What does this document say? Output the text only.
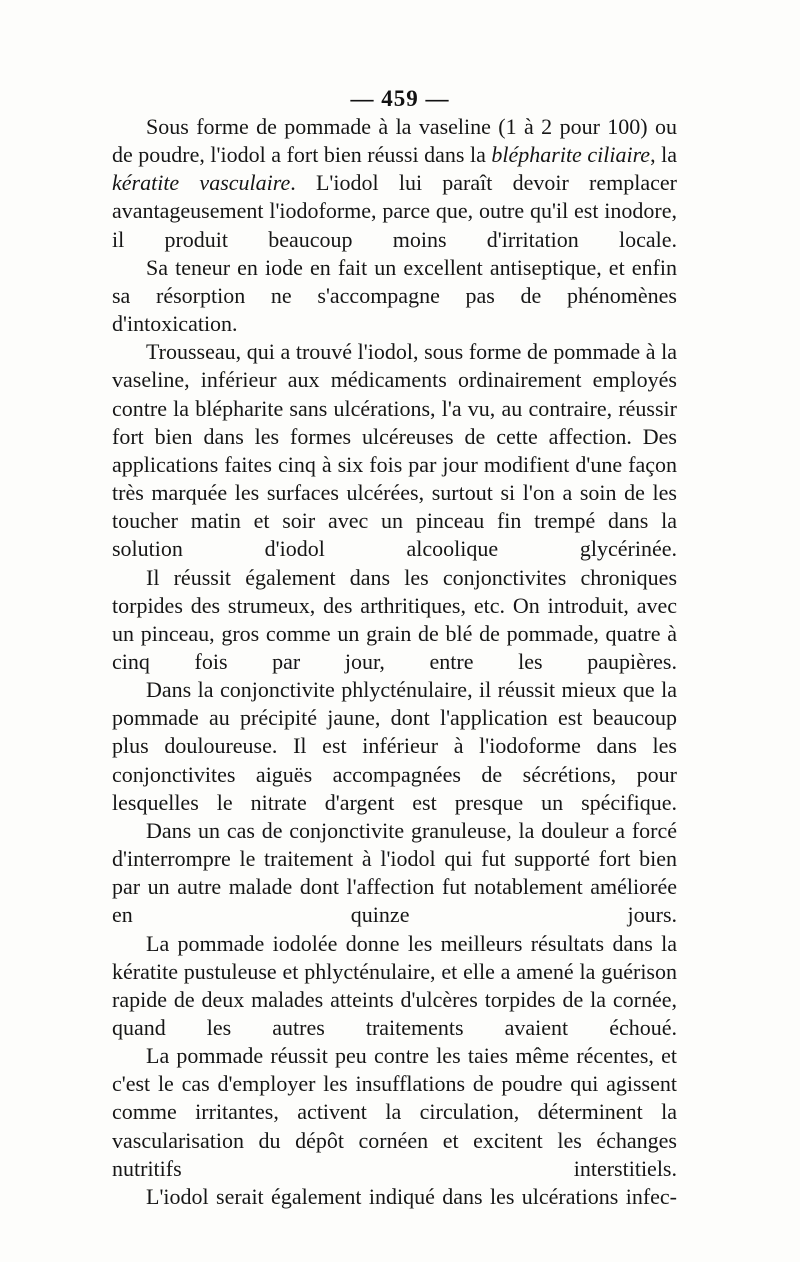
— 459 —

Sous forme de pommade à la vaseline (1 à 2 pour 100) ou de poudre, l'iodol a fort bien réussi dans la blépharite ciliaire, la kératite vasculaire. L'iodol lui paraît devoir remplacer avantageusement l'iodoforme, parce que, outre qu'il est inodore, il produit beaucoup moins d'irritation locale.

Sa teneur en iode en fait un excellent antiseptique, et enfin sa résorption ne s'accompagne pas de phénomènes d'intoxication.

Trousseau, qui a trouvé l'iodol, sous forme de pommade à la vaseline, inférieur aux médicaments ordinairement employés contre la blépharite sans ulcérations, l'a vu, au contraire, réussir fort bien dans les formes ulcéreuses de cette affection. Des applications faites cinq à six fois par jour modifient d'une façon très marquée les surfaces ulcérées, surtout si l'on a soin de les toucher matin et soir avec un pinceau fin trempé dans la solution d'iodol alcoolique glycérinée.

Il réussit également dans les conjonctivites chroniques torpides des strumeux, des arthritiques, etc. On introduit, avec un pinceau, gros comme un grain de blé de pommade, quatre à cinq fois par jour, entre les paupières.

Dans la conjonctivite phlycténulaire, il réussit mieux que la pommade au précipité jaune, dont l'application est beaucoup plus douloureuse. Il est inférieur à l'iodoforme dans les conjonctivites aiguës accompagnées de sécrétions, pour lesquelles le nitrate d'argent est presque un spécifique.

Dans un cas de conjonctivite granuleuse, la douleur a forcé d'interrompre le traitement à l'iodol qui fut supporté fort bien par un autre malade dont l'affection fut notablement améliorée en quinze jours.

La pommade iodolée donne les meilleurs résultats dans la kératite pustuleuse et phlycténulaire, et elle a amené la guérison rapide de deux malades atteints d'ulcères torpides de la cornée, quand les autres traitements avaient échoué.

La pommade réussit peu contre les taies même récentes, et c'est le cas d'employer les insufflations de poudre qui agissent comme irritantes, activent la circulation, déterminent la vascularisation du dépôt cornéen et excitent les échanges nutritifs interstitiels.

L'iodol serait également indiqué dans les ulcérations infec-
